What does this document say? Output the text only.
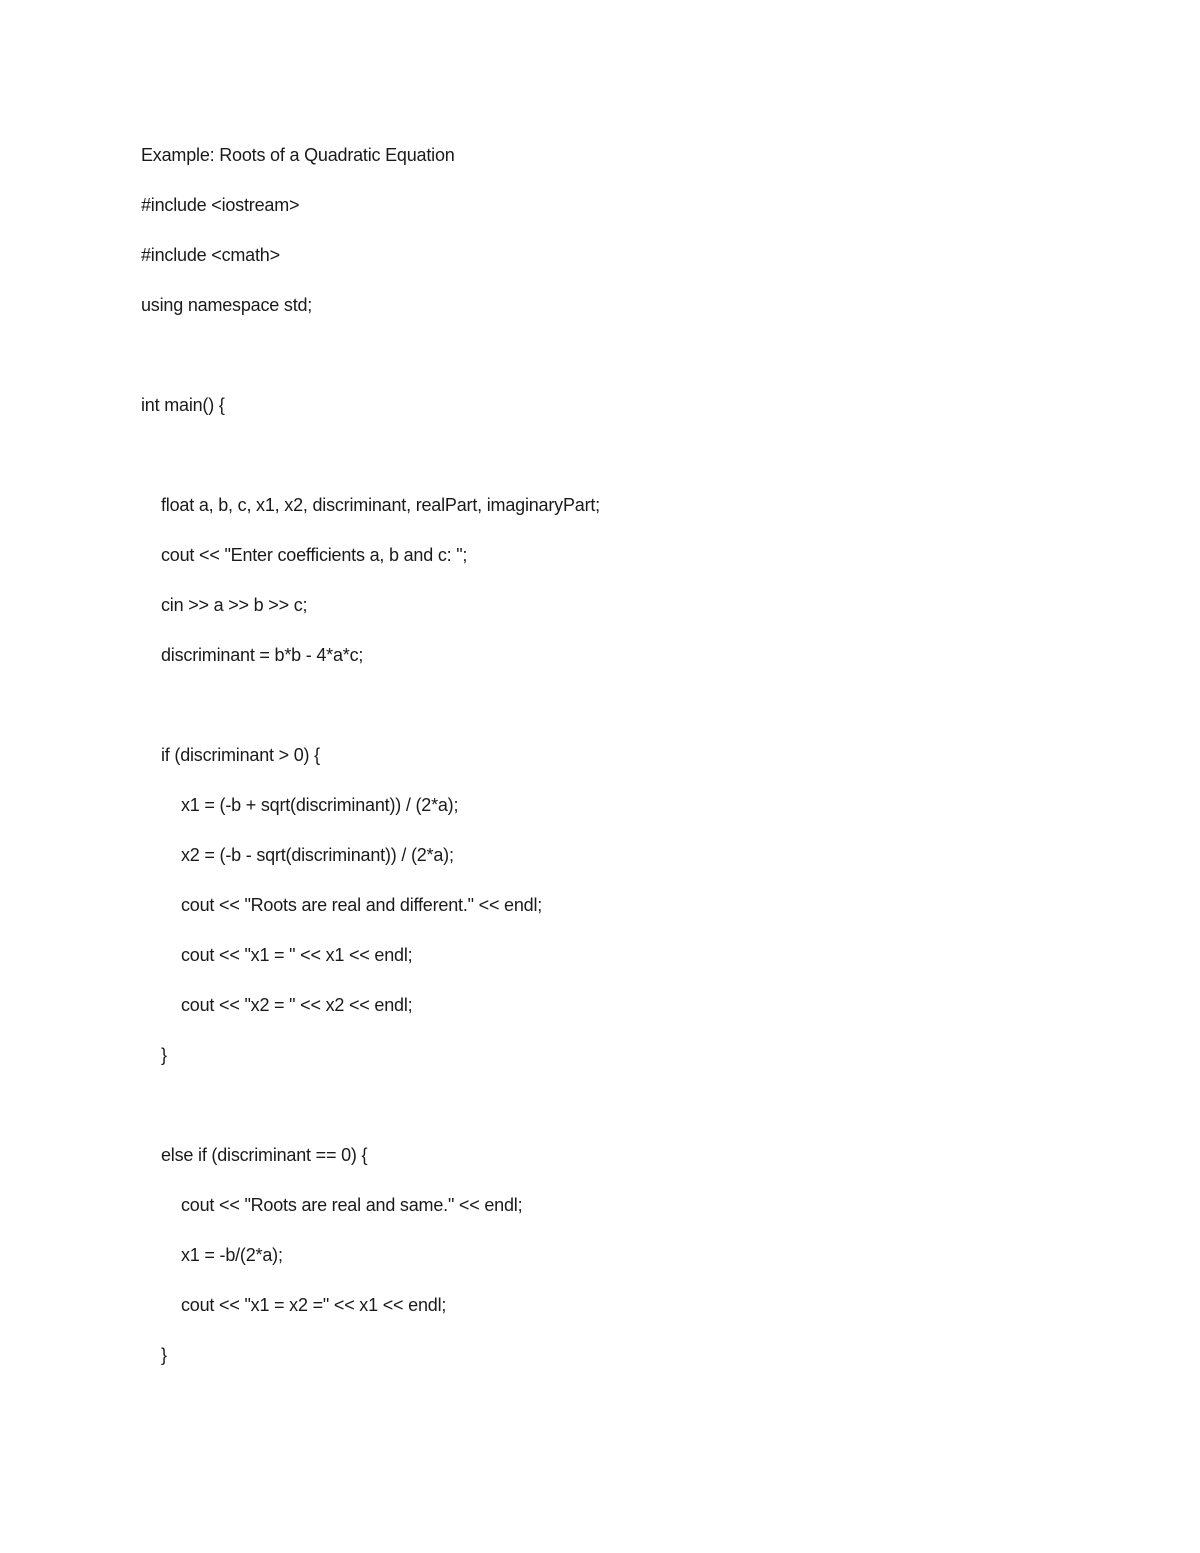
Example: Roots of a Quadratic Equation
#include <iostream>
#include <cmath>
using namespace std;
int main() {
float a, b, c, x1, x2, discriminant, realPart, imaginaryPart;
cout << "Enter coefficients a, b and c: ";
cin >> a >> b >> c;
discriminant = b*b - 4*a*c;
if (discriminant > 0) {
x1 = (-b + sqrt(discriminant)) / (2*a);
x2 = (-b - sqrt(discriminant)) / (2*a);
cout << "Roots are real and different." << endl;
cout << "x1 = " << x1 << endl;
cout << "x2 = " << x2 << endl;
}
else if (discriminant == 0) {
cout << "Roots are real and same." << endl;
x1 = -b/(2*a);
cout << "x1 = x2 =" << x1 << endl;
}
